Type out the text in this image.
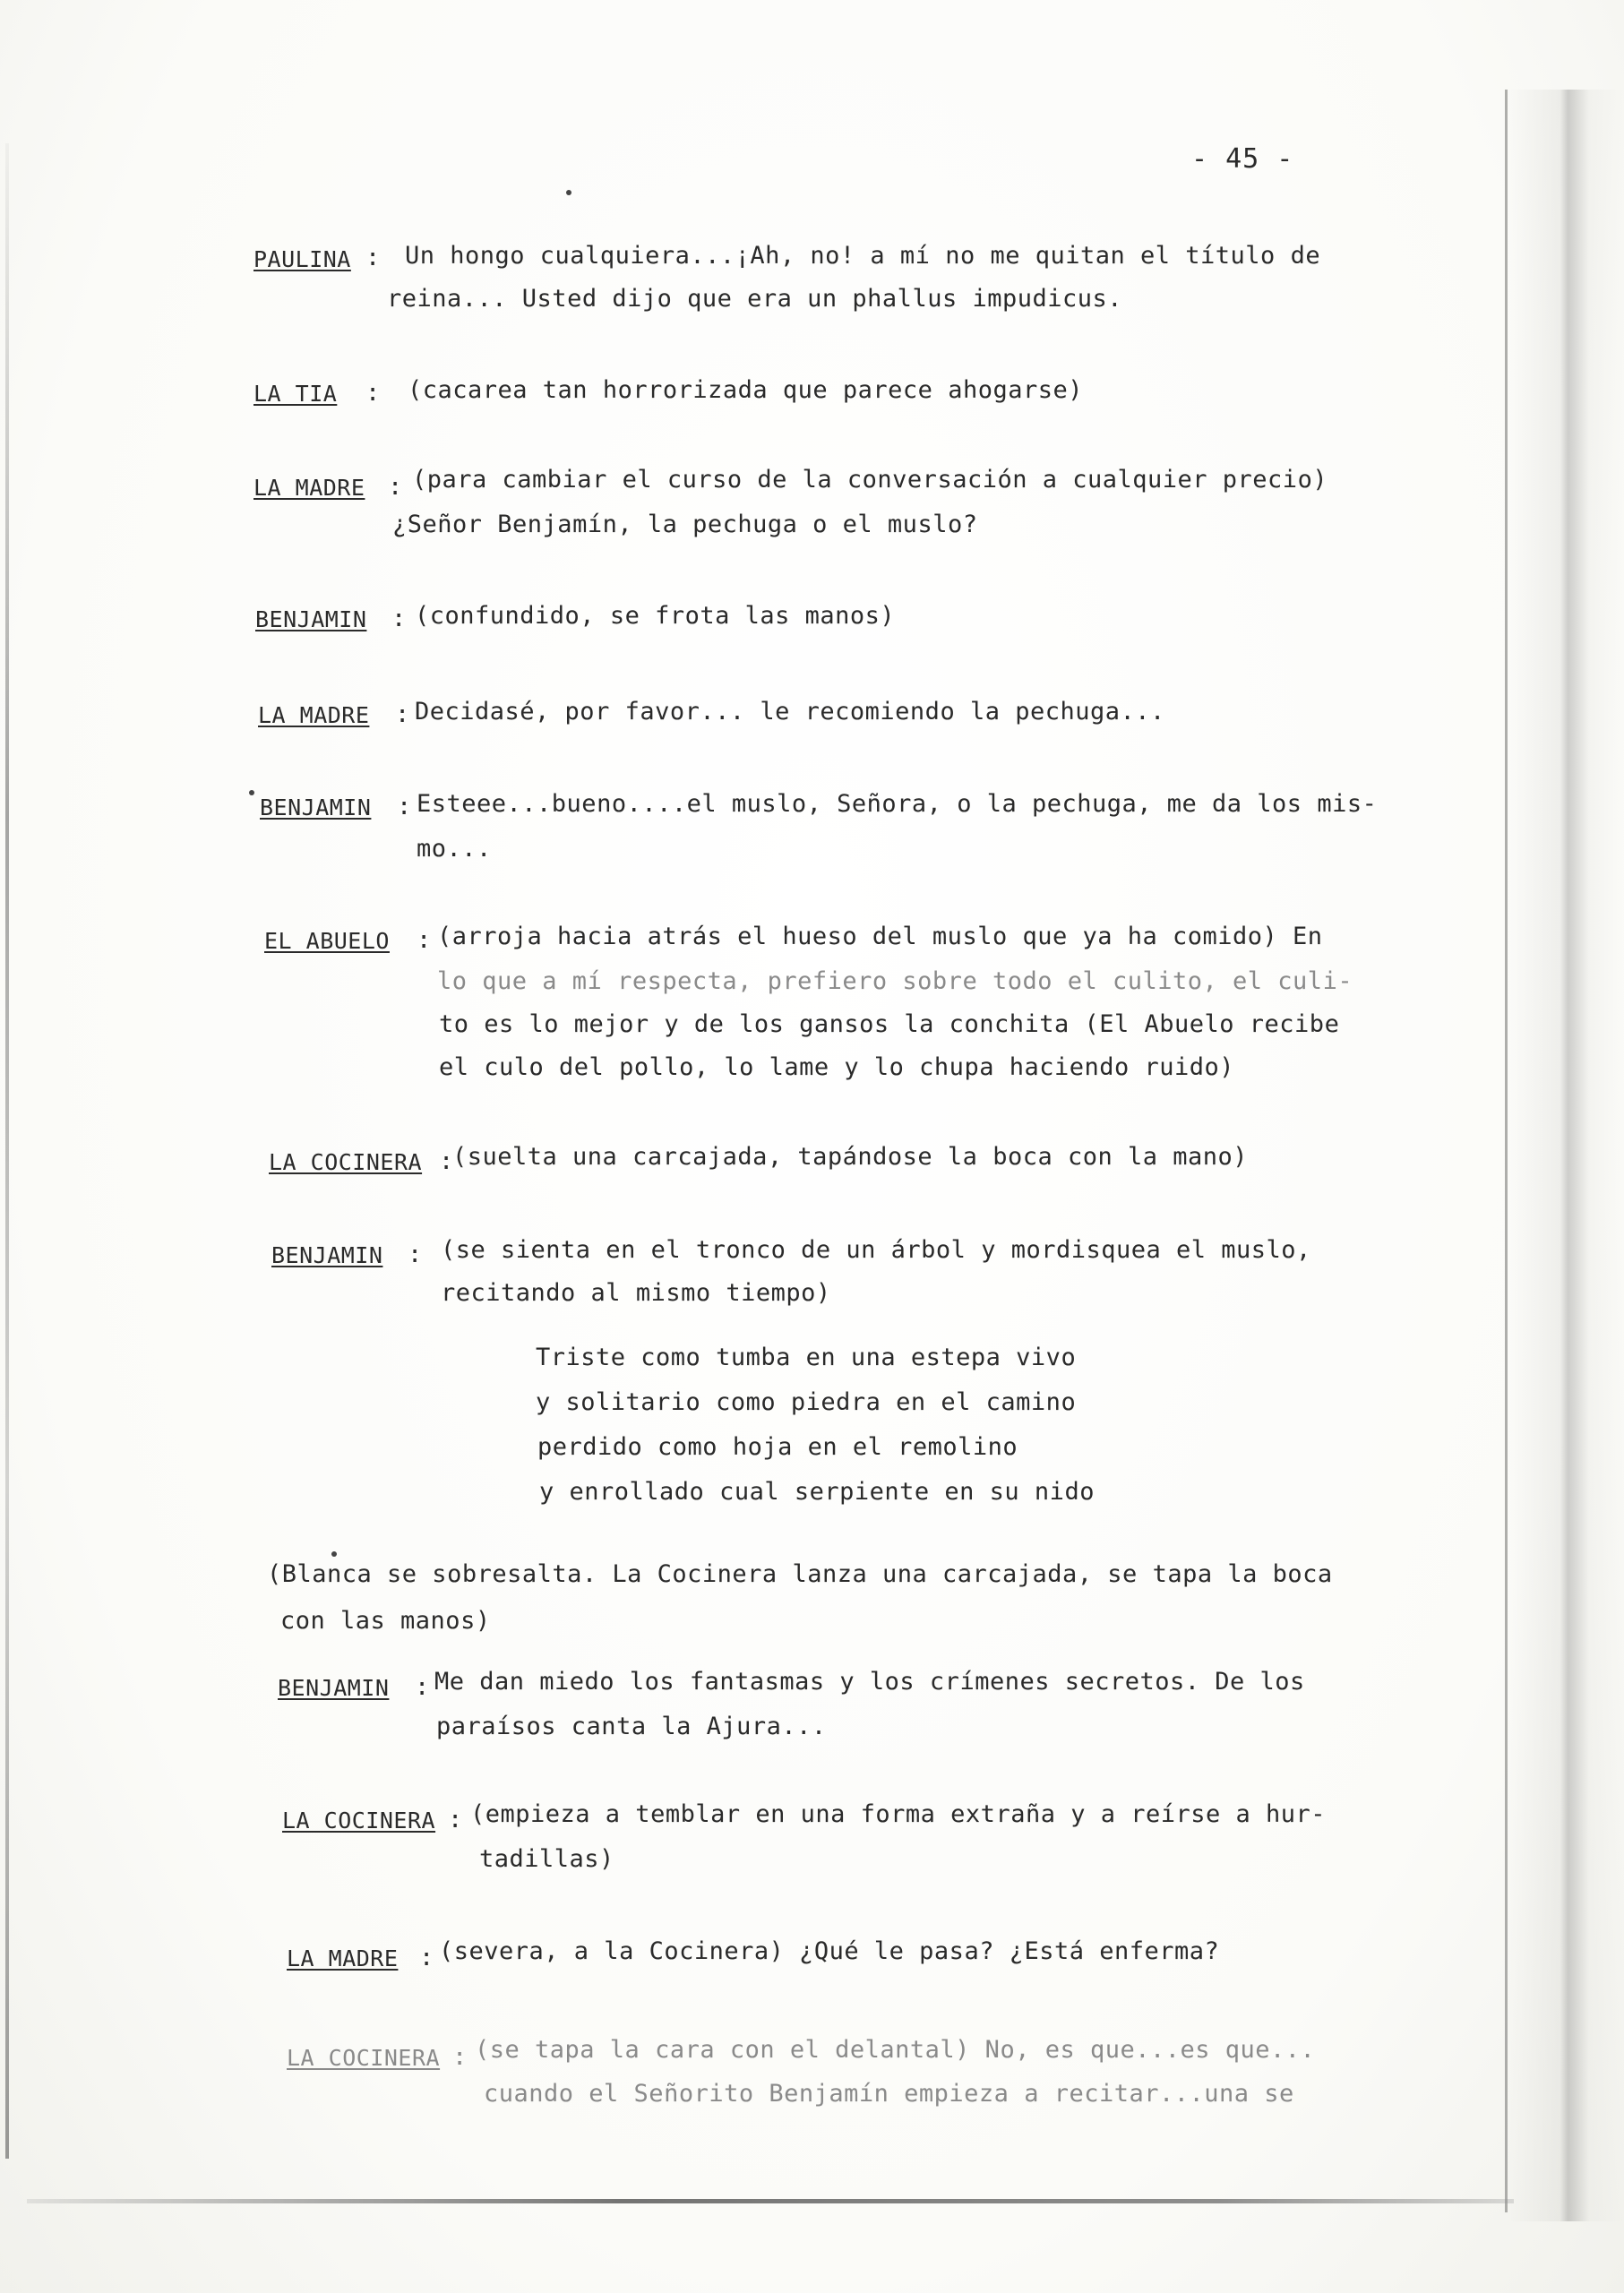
- 45 -
PAULINA : Un hongo cualquiera...¡Ah, no! a mí no me quitan el título de
reina... Usted dijo que era un phallus impudicus.
LA TIA : (cacarea tan horrorizada que parece ahogarse)
LA MADRE : (para cambiar el curso de la conversación a cualquier precio)
¿Señor Benjamín, la pechuga o el muslo?
BENJAMIN : (confundido, se frota las manos)
LA MADRE : Decidasé, por favor... le recomiendo la pechuga...
BENJAMIN : Esteee...bueno....el muslo, Señora, o la pechuga, me da los mis-
mo...
EL ABUELO : (arroja hacia atrás el hueso del muslo que ya ha comido) En
lo que a mí respecta, prefiero sobre todo el culito, el culi-
to es lo mejor y de los gansos la conchita (El Abuelo recibe
el culo del pollo, lo lame y lo chupa haciendo ruido)
LA COCINERA :
(suelta una carcajada, tapándose la boca con la mano)
BENJAMIN : (se sienta en el tronco de un árbol y mordisquea el muslo,
recitando al mismo tiempo)
Triste como tumba en una estepa vivo
y solitario como piedra en el camino
perdido como hoja en el remolino
y enrollado cual serpiente en su nido
(Blanca se sobresalta. La Cocinera lanza una carcajada, se tapa la boca
con las manos)
BENJAMIN : Me dan miedo los fantasmas y los crímenes secretos. De los
paraísos canta la Ajura...
LA COCINERA : (empieza a temblar en una forma extraña y a reírse a hur-
tadillas)
LA MADRE : (severa, a la Cocinera) ¿Qué le pasa? ¿Está enferma?
LA COCINERA : (se tapa la cara con el delantal) No, es que...es que...
cuando el Señorito Benjamín empieza a recitar...una se
